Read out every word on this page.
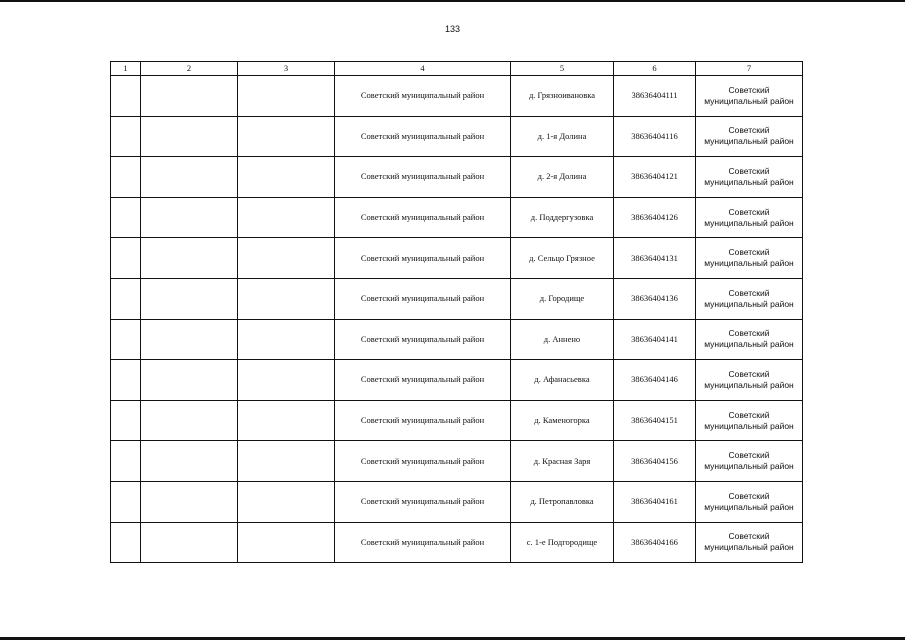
133
1	2	3	4	5	6	7
			Советский муниципальный район	д. Грязноивановка	38636404111	Советский
муниципальный район

			Советский муниципальный район	д. 1-я Долина	38636404116	Советский
муниципальный район

			Советский муниципальный район	д. 2-я Долина	38636404121	Советский
муниципальный район

			Советский муниципальный район	д. Поддергузовка	38636404126	Советский
муниципальный район

			Советский муниципальный район	д. Сельцо Грязное	38636404131	Советский
муниципальный район

			Советский муниципальный район	д. Городище	38636404136	Советский
муниципальный район

			Советский муниципальный район	д. Анненo	38636404141	Советский
муниципальный район

			Советский муниципальный район	д. Афанасьевка	38636404146	Советский
муниципальный район

			Советский муниципальный район	д. Каменогорка	38636404151	Советский
муниципальный район

			Советский муниципальный район	д. Красная Заря	38636404156	Советский
муниципальный район

			Советский муниципальный район	д. Петропавловка	38636404161	Советский
муниципальный район

			Советский муниципальный район	с. 1-е Подгородище	38636404166	Советский
муниципальный район
